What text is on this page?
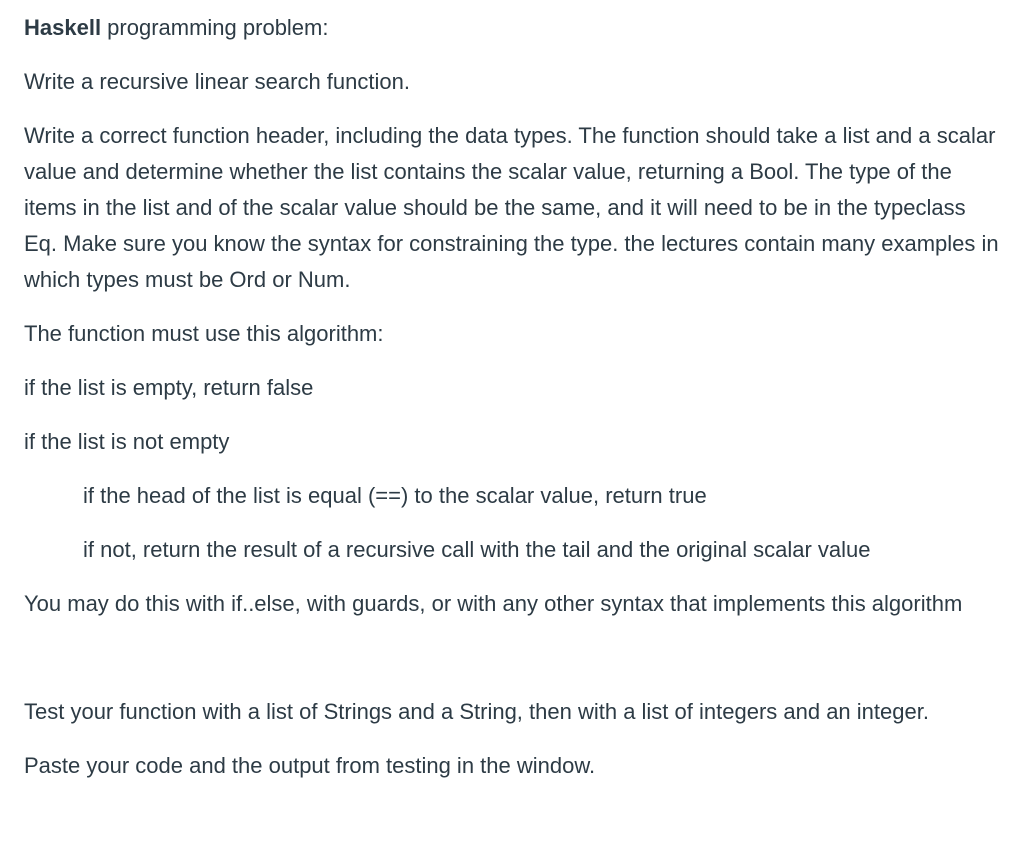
Haskell programming problem:

Write a recursive linear search function.

Write a correct function header, including the data types. The function should take a list and a scalar value and determine whether the list contains the scalar value, returning a Bool. The type of the items in the list and of the scalar value should be the same, and it will need to be in the typeclass Eq. Make sure you know the syntax for constraining the type. the lectures contain many examples in which types must be Ord or Num.

The function must use this algorithm:

if the list is empty, return false

if the list is not empty

if the head of the list is equal (==) to the scalar value, return true

if not, return the result of a recursive call with the tail and the original scalar value

You may do this with if..else, with guards, or with any other syntax that implements this algorithm

Test your function with a list of Strings and a String, then with a list of integers and an integer.

Paste your code and the output from testing in the window.
